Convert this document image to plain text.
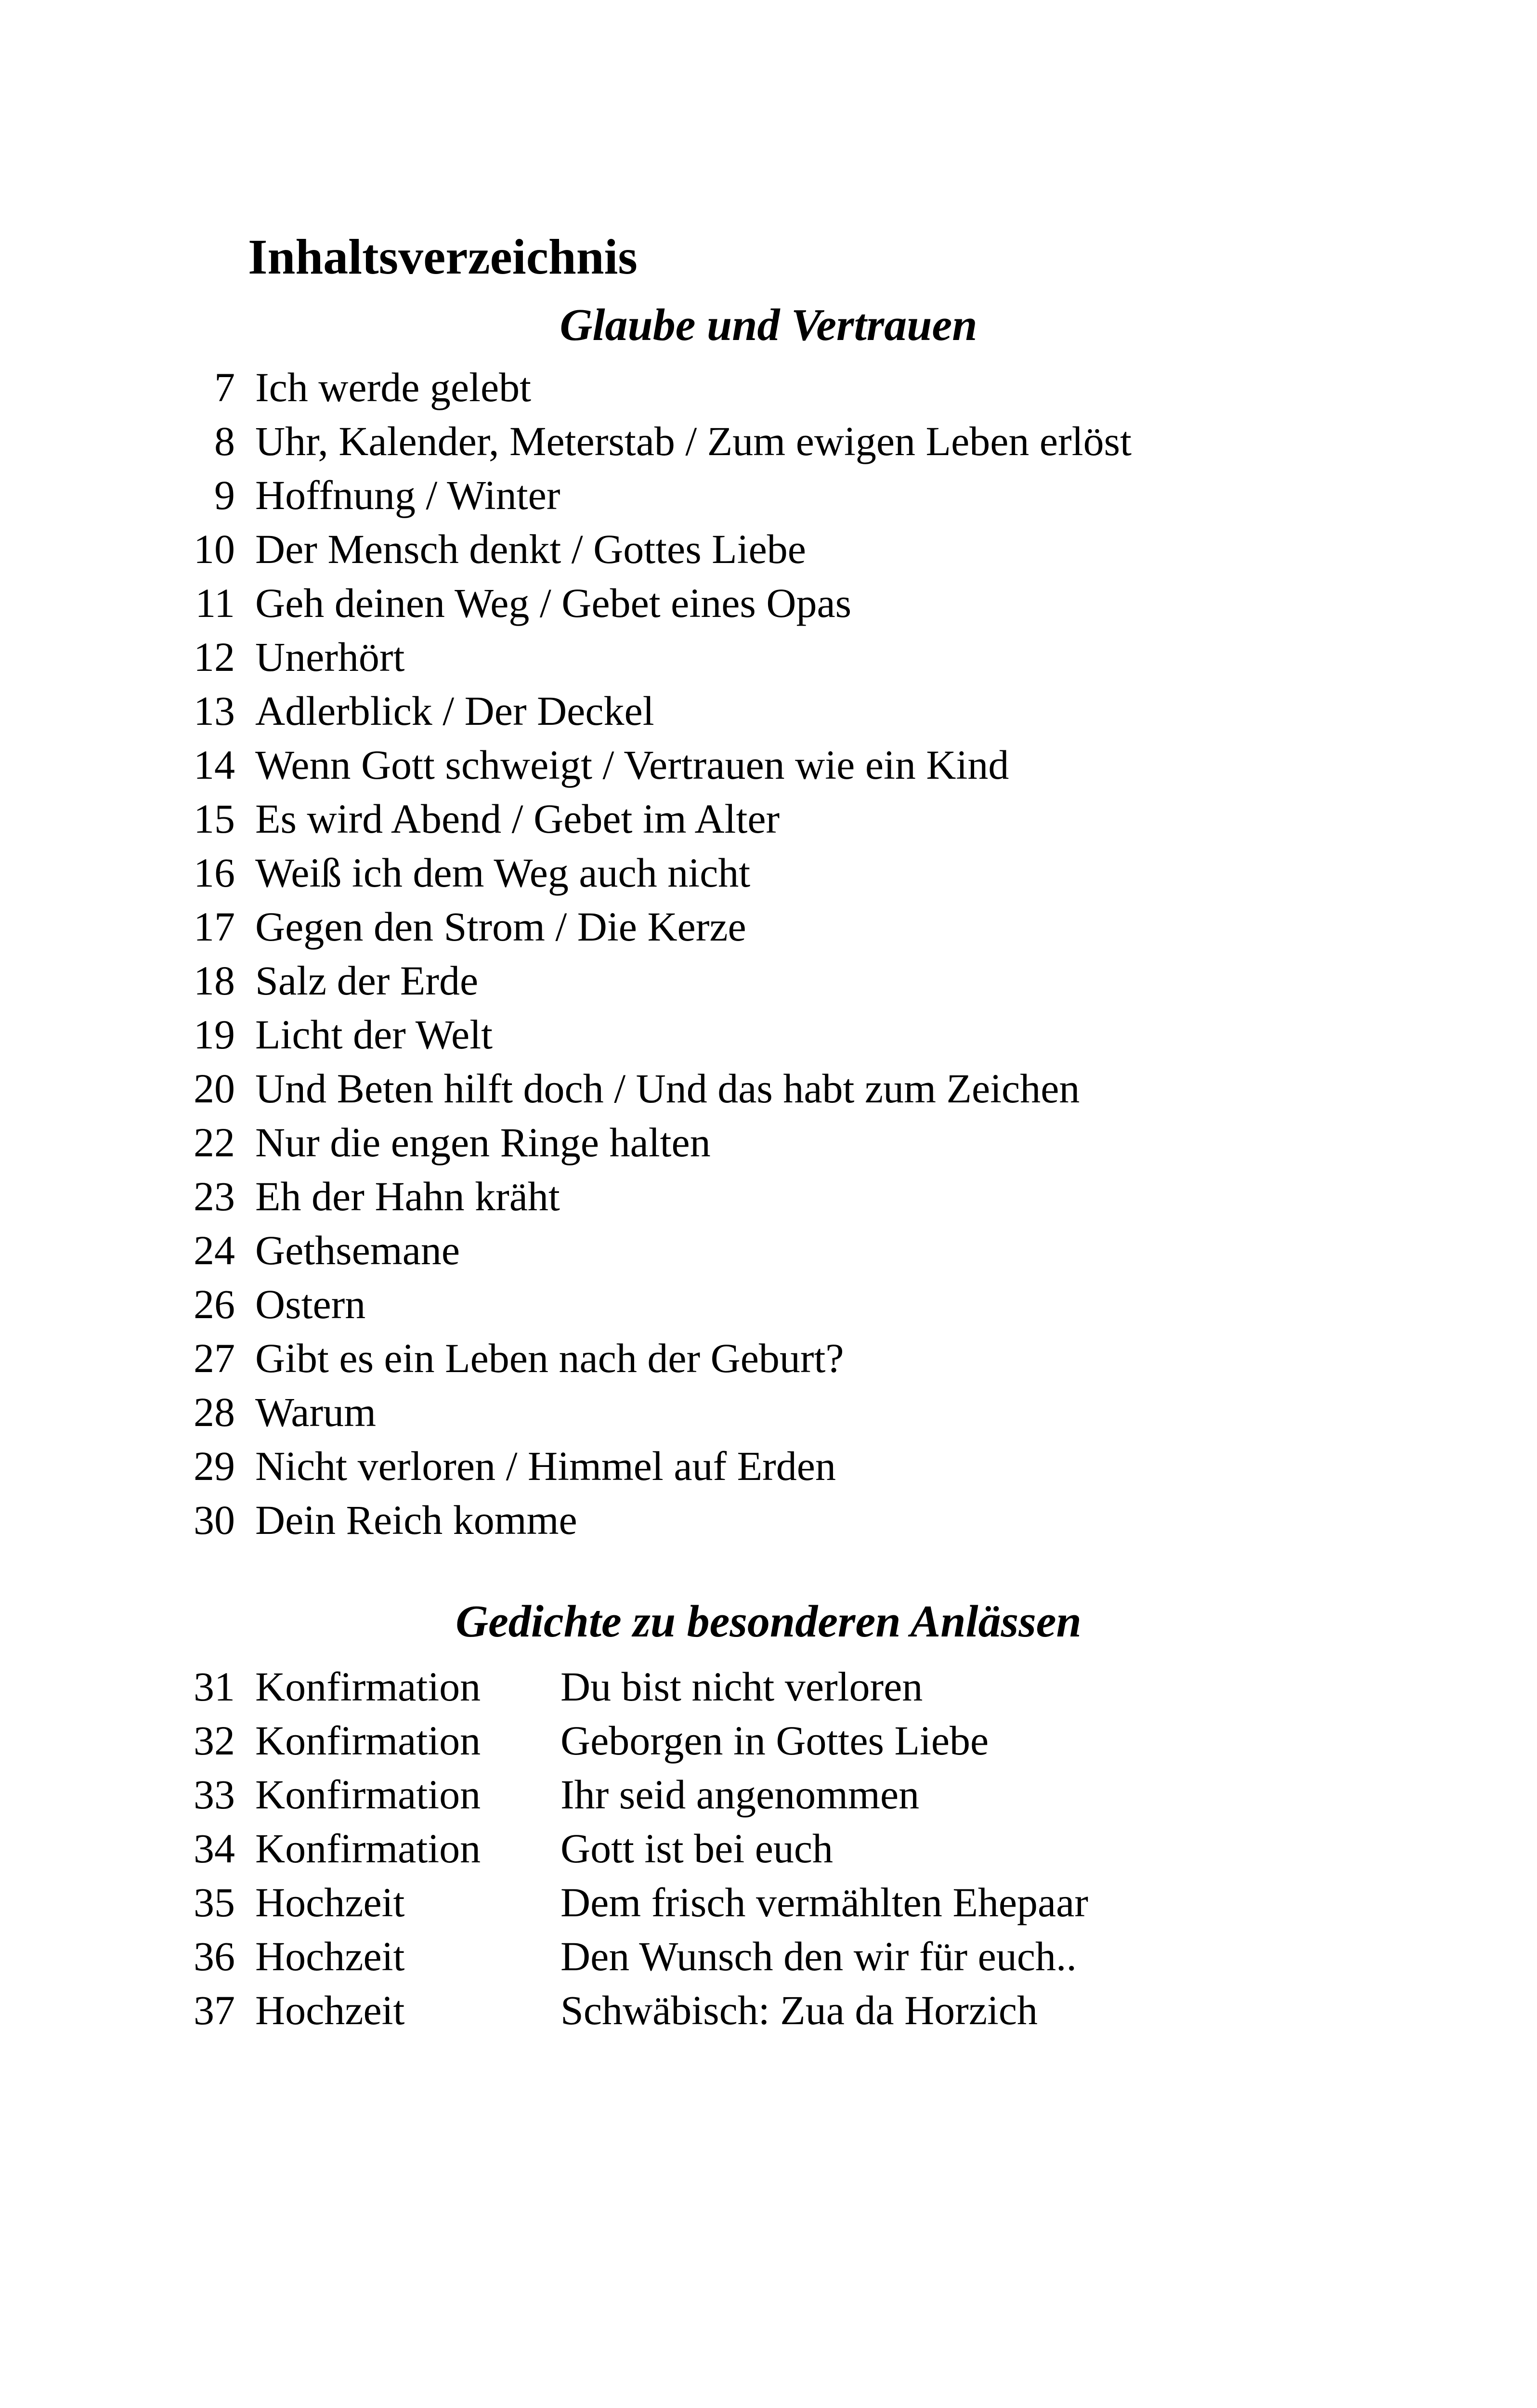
Inhaltsverzeichnis
Glaube und Vertrauen
7 Ich werde gelebt
8 Uhr, Kalender, Meterstab / Zum ewigen Leben erlöst
9 Hoffnung / Winter
10 Der Mensch denkt / Gottes Liebe
11 Geh deinen Weg / Gebet eines Opas
12 Unerhört
13 Adlerblick / Der Deckel
14 Wenn Gott schweigt / Vertrauen wie ein Kind
15 Es wird Abend / Gebet im Alter
16 Weiß ich dem Weg auch nicht
17 Gegen den Strom / Die Kerze
18 Salz der Erde
19 Licht der Welt
20 Und Beten hilft doch / Und das habt zum Zeichen
22 Nur die engen Ringe halten
23 Eh der Hahn kräht
24 Gethsemane
26 Ostern
27 Gibt es ein Leben nach der Geburt?
28 Warum
29 Nicht verloren / Himmel auf Erden
30 Dein Reich komme
Gedichte zu besonderen Anlässen
31 Konfirmation Du bist nicht verloren
32 Konfirmation Geborgen in Gottes Liebe
33 Konfirmation Ihr seid angenommen
34 Konfirmation Gott ist bei euch
35 Hochzeit	Dem frisch vermählten Ehepaar
36 Hochzeit	Den Wunsch den wir für euch..
37 Hochzeit	Schwäbisch: Zua da Horzich
